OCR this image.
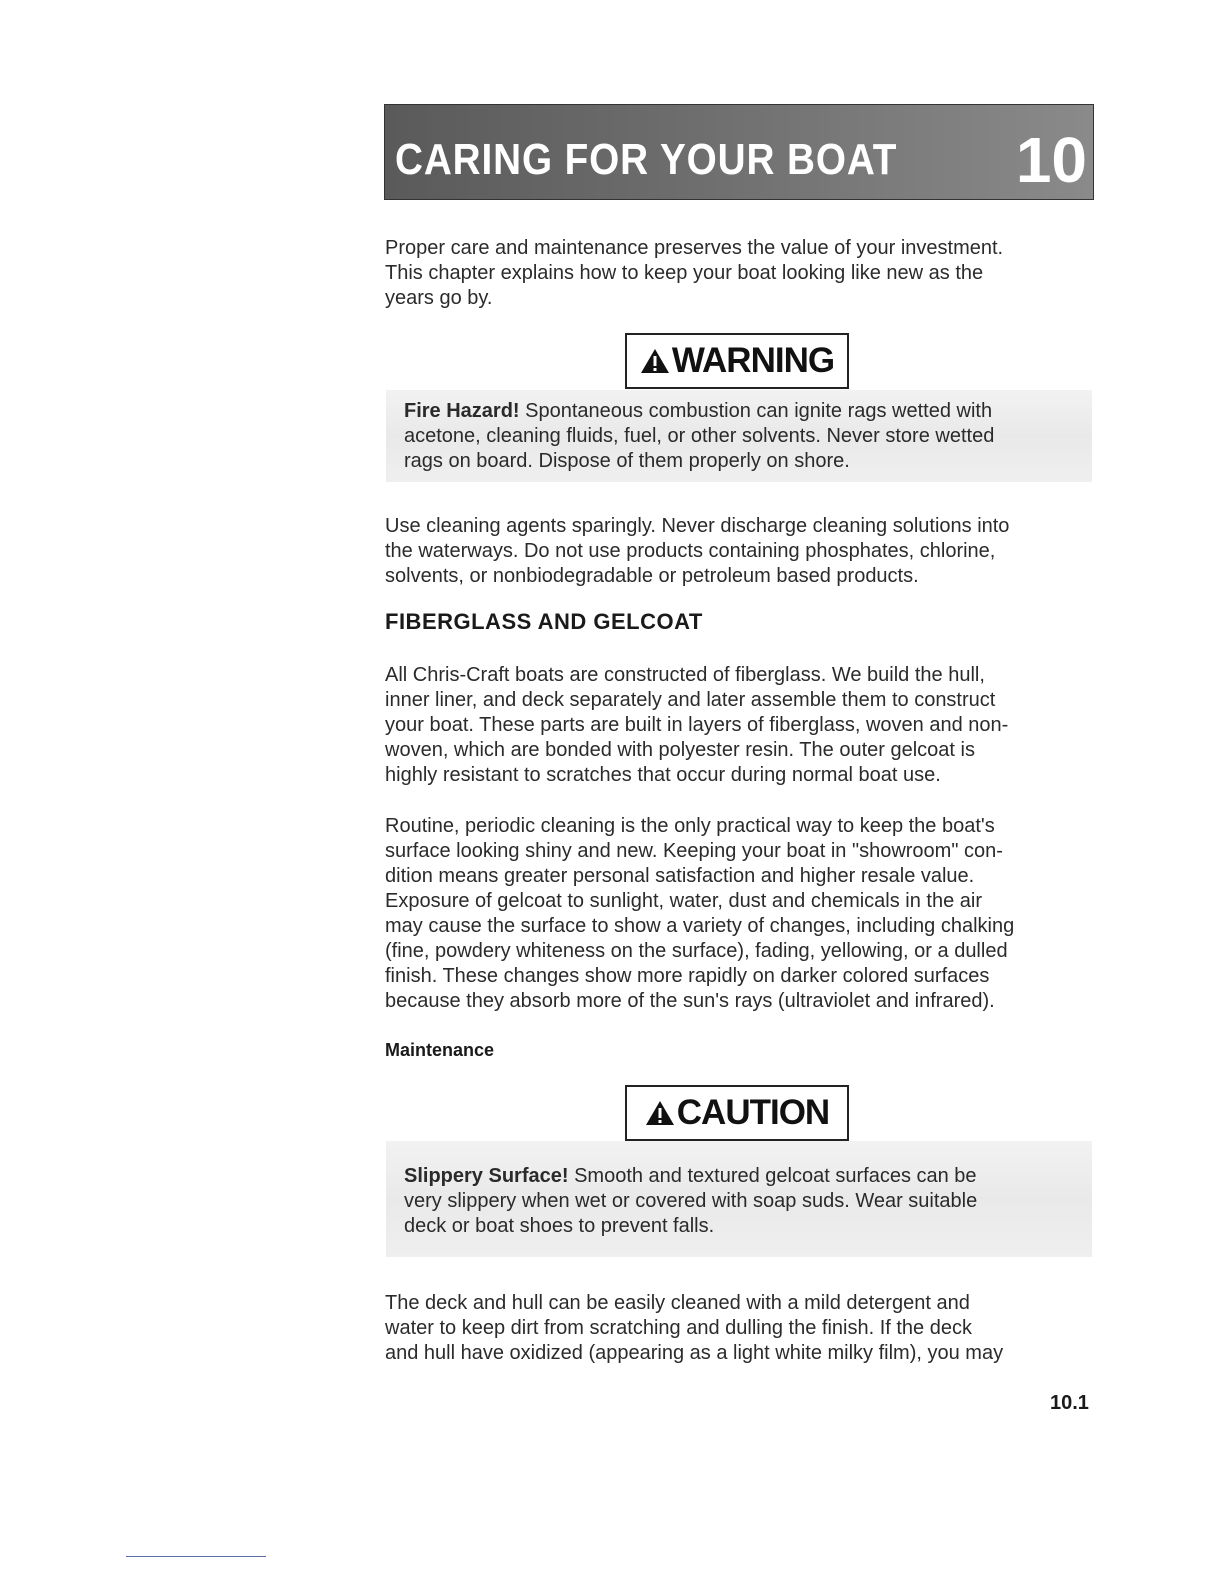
CARING FOR YOUR BOAT 10

Proper care and maintenance preserves the value of your investment.
This chapter explains how to keep your boat looking like new as the
years go by.

WARNING
Fire Hazard! Spontaneous combustion can ignite rags wetted with
acetone, cleaning fluids, fuel, or other solvents. Never store wetted
rags on board. Dispose of them properly on shore.

Use cleaning agents sparingly. Never discharge cleaning solutions into
the waterways. Do not use products containing phosphates, chlorine,
solvents, or nonbiodegradable or petroleum based products.

FIBERGLASS AND GELCOAT

All Chris-Craft boats are constructed of fiberglass. We build the hull,
inner liner, and deck separately and later assemble them to construct
your boat. These parts are built in layers of fiberglass, woven and non-
woven, which are bonded with polyester resin. The outer gelcoat is
highly resistant to scratches that occur during normal boat use.

Routine, periodic cleaning is the only practical way to keep the boat's
surface looking shiny and new. Keeping your boat in "showroom" con-
dition means greater personal satisfaction and higher resale value.
Exposure of gelcoat to sunlight, water, dust and chemicals in the air
may cause the surface to show a variety of changes, including chalking
(fine, powdery whiteness on the surface), fading, yellowing, or a dulled
finish. These changes show more rapidly on darker colored surfaces
because they absorb more of the sun's rays (ultraviolet and infrared).

Maintenance
CAUTION
Slippery Surface! Smooth and textured gelcoat surfaces can be
very slippery when wet or covered with soap suds. Wear suitable
deck or boat shoes to prevent falls.

The deck and hull can be easily cleaned with a mild detergent and
water to keep dirt from scratching and dulling the finish. If the deck
and hull have oxidized (appearing as a light white milky film), you may

10.1
